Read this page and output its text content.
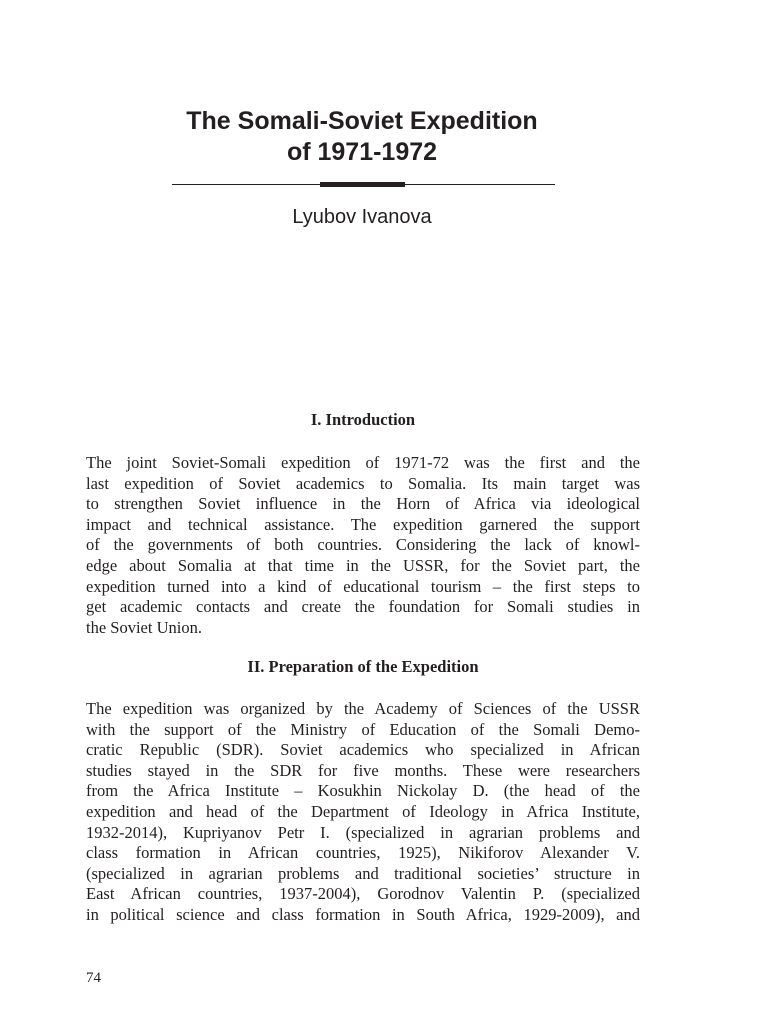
The Somali-Soviet Expedition
of 1971-1972
Lyubov Ivanova
I. Introduction
The joint Soviet-Somali expedition of 1971-72 was the first and the
last expedition of Soviet academics to Somalia. Its main target was
to strengthen Soviet influence in the Horn of Africa via ideological
impact and technical assistance. The expedition garnered the support
of the governments of both countries. Considering the lack of knowl-
edge about Somalia at that time in the USSR, for the Soviet part, the
expedition turned into a kind of educational tourism – the first steps to
get academic contacts and create the foundation for Somali studies in
the Soviet Union.
II. Preparation of the Expedition
The expedition was organized by the Academy of Sciences of the USSR
with the support of the Ministry of Education of the Somali Demo-
cratic Republic (SDR). Soviet academics who specialized in African
studies stayed in the SDR for five months. These were researchers
from the Africa Institute – Kosukhin Nickolay D. (the head of the
expedition and head of the Department of Ideology in Africa Institute,
1932-2014), Kupriyanov Petr I. (specialized in agrarian problems and
class formation in African countries, 1925), Nikiforov Alexander V.
(specialized in agrarian problems and traditional societies’ structure in
East African countries, 1937-2004), Gorodnov Valentin P. (specialized
in political science and class formation in South Africa, 1929-2009), and
74
